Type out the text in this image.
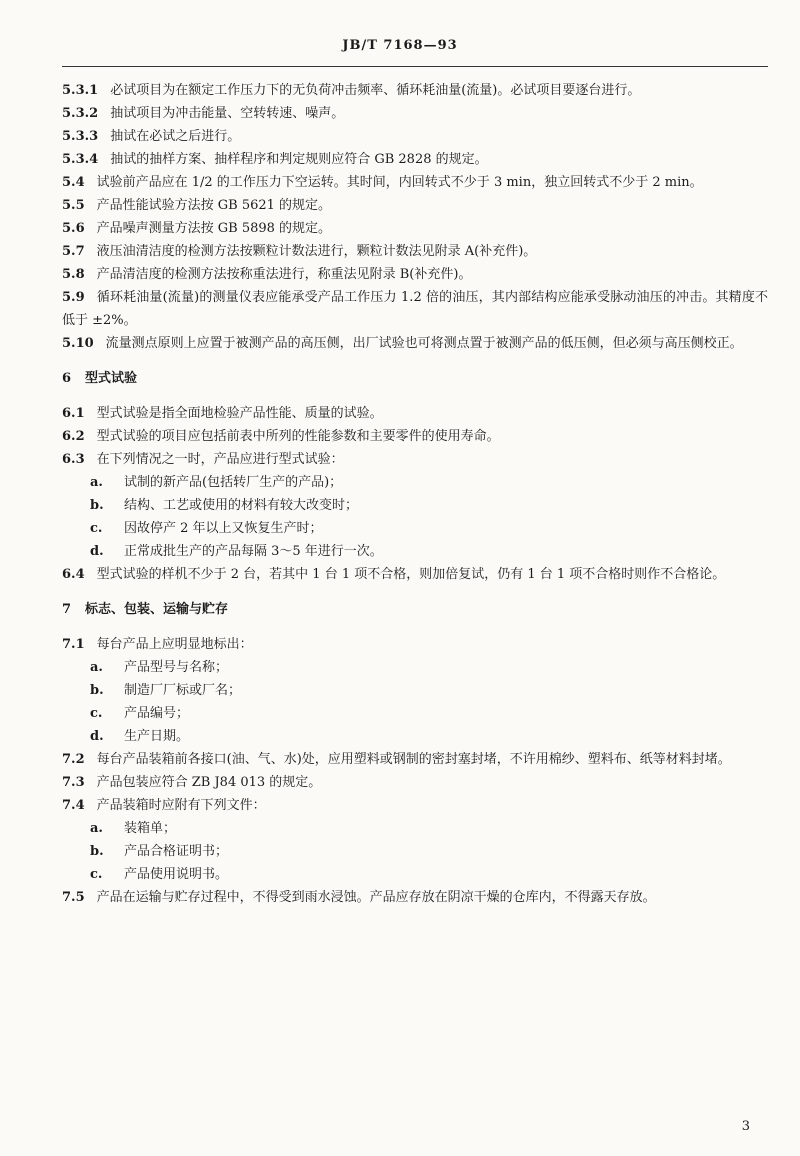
JB/T 7168—93

5.3.1 必试项目为在额定工作压力下的无负荷冲击频率、循环耗油量(流量)。必试项目要逐台进行。

5.3.2 抽试项目为冲击能量、空转转速、噪声。

5.3.3 抽试在必试之后进行。

5.3.4 抽试的抽样方案、抽样程序和判定规则应符合 GB 2828 的规定。

5.4 试验前产品应在 1/2 的工作压力下空运转。其时间，内回转式不少于 3 min，独立回转式不少于 2 min。

5.5 产品性能试验方法按 GB 5621 的规定。

5.6 产品噪声测量方法按 GB 5898 的规定。

5.7 液压油清洁度的检测方法按颗粒计数法进行，颗粒计数法见附录 A(补充件)。

5.8 产品清洁度的检测方法按称重法进行，称重法见附录 B(补充件)。

5.9 循环耗油量(流量)的测量仪表应能承受产品工作压力 1.2 倍的油压，其内部结构应能承受脉动油压的冲击。其精度不低于 ±2%。

5.10 流量测点原则上应置于被测产品的高压侧，出厂试验也可将测点置于被测产品的低压侧，但必须与高压侧校正。

6 型式试验

6.1 型式试验是指全面地检验产品性能、质量的试验。

6.2 型式试验的项目应包括前表中所列的性能参数和主要零件的使用寿命。

6.3 在下列情况之一时，产品应进行型式试验：

a. 试制的新产品(包括转厂生产的产品)；

b. 结构、工艺或使用的材料有较大改变时；

c. 因故停产 2 年以上又恢复生产时；

d. 正常成批生产的产品每隔 3～5 年进行一次。

6.4 型式试验的样机不少于 2 台，若其中 1 台 1 项不合格，则加倍复试，仍有 1 台 1 项不合格时则作不合格论。

7 标志、包装、运输与贮存

7.1 每台产品上应明显地标出：

a. 产品型号与名称；

b. 制造厂厂标或厂名；

c. 产品编号；

d. 生产日期。

7.2 每台产品装箱前各接口(油、气、水)处，应用塑料或钢制的密封塞封堵，不许用棉纱、塑料布、纸等材料封堵。

7.3 产品包装应符合 ZB J84 013 的规定。

7.4 产品装箱时应附有下列文件：

a. 装箱单；

b. 产品合格证明书；

c. 产品使用说明书。

7.5 产品在运输与贮存过程中，不得受到雨水浸蚀。产品应存放在阴凉干燥的仓库内，不得露天存放。

3
